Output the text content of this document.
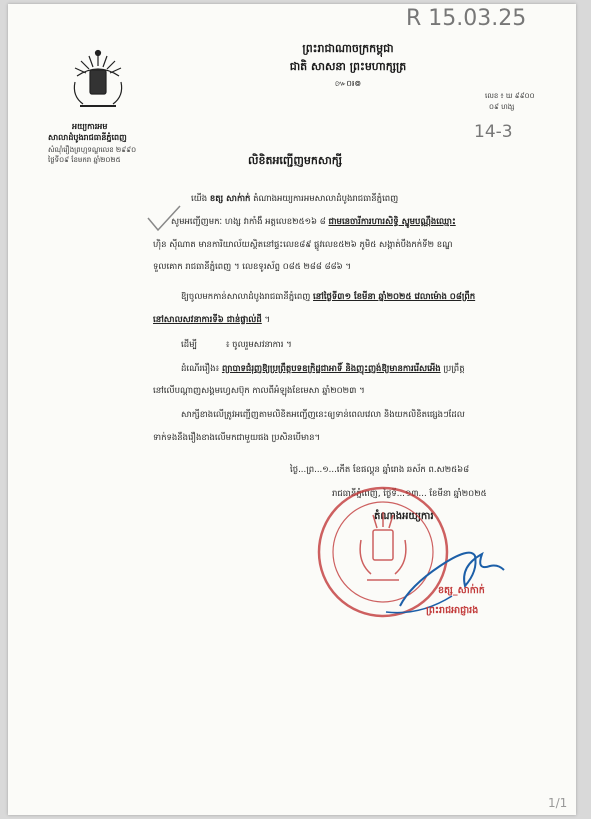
R 15.03.25
14-3
អយ្យការអម
សាលាដំបូងរាជធានីភ្នំពេញ
សំណុំរឿងព្រហ្មទណ្ឌលេខ ២៩៩០
ថ្ងៃទី០៩ ខែមករា ឆ្នាំ២០២៥
ព្រះរាជាណាចក្រកម្ពុជា
ជាតិ សាសនា ព្រះមហាក្សត្រ
៚០៛៙
លេខ ៖ ឃ ៩៩០០
០៩ ហង្ស
លិខិតអញ្ជើញមកសាក្សី
យើង ខត្ស សាក់ាក់ តំណាងអយ្យការអមសាលាដំបូងរាជធានីភ្នំពេញ
សូមអញ្ជើញមកៈ ហង្ស វាកាំងឹ អត្តលេខ២៥១៦ ៨ ជាមនេចារីការហារសិទ្ធិ ស្នូមបណ្ណឹងឈ្មោះ
ហ៊ិន ស៊ីណាត មានការិយាល័យស្ថិតនៅផ្ទះលេខ៨៩ ផ្លូវលេខ៥២៦ ភូមិ៥ សង្កាត់បឹងកក់ទី២ ខណ្ឌ
ទួលគោក រាជធានីភ្នំពេញ ។ លេខទូរស័ព្ទ ០៨៥ ២៨៨ ៨៨៦ ។
ឱ្យចូលមកកាន់សាលាដំបូងរាជធានីភ្នំពេញ នៅថ្ងៃទី៣១ ខែមីនា ឆ្នាំ២០២៥ វេលាម៉ោង ០៨ព្រឹក
នៅសាលសវនាការទី៦ ជាន់ផ្ទាល់ដី ។
ដើម្បី	៖ ចូលរួមសវនាការ ។
ដំណើររឿង៖ ព្យាបាទជំរុញឱ្យប្រព្រឹត្តបទឧក្រិដ្ឋជាអាទិ៍ និងញុះញង់ឱ្យមានការរើសអើង ប្រព្រឹត្ត
នៅលើបណ្តាញសង្គមហ្វេសប៊ុក កាលពីអំឡុងខែមេសា ឆ្នាំ២០២៣ ។
សាក្សីខាងលើត្រូវអញ្ជើញតាមលិខិតអញ្ជើញនេះឲ្យទាន់ពេលវេលា និងយកលិខិតផ្សេងៗដែល
ទាក់ទងនឹងរឿងខាងលើមកជាមួយផង ប្រសិនបើមាន។
ថ្ងៃ...ព្រ...១...កើត ខែផល្គុន ឆ្នាំរោង ឆស័ក ព.ស២៥៦៨
រាជធានីភ្នំពេញ, ថ្ងៃទី...១៣... ខែមីនា ឆ្នាំ២០២៥
តំណាងអយ្យការ
ខត្ស_សាក់ាក់
ព្រះរាជអាជ្ញារង
1/1
